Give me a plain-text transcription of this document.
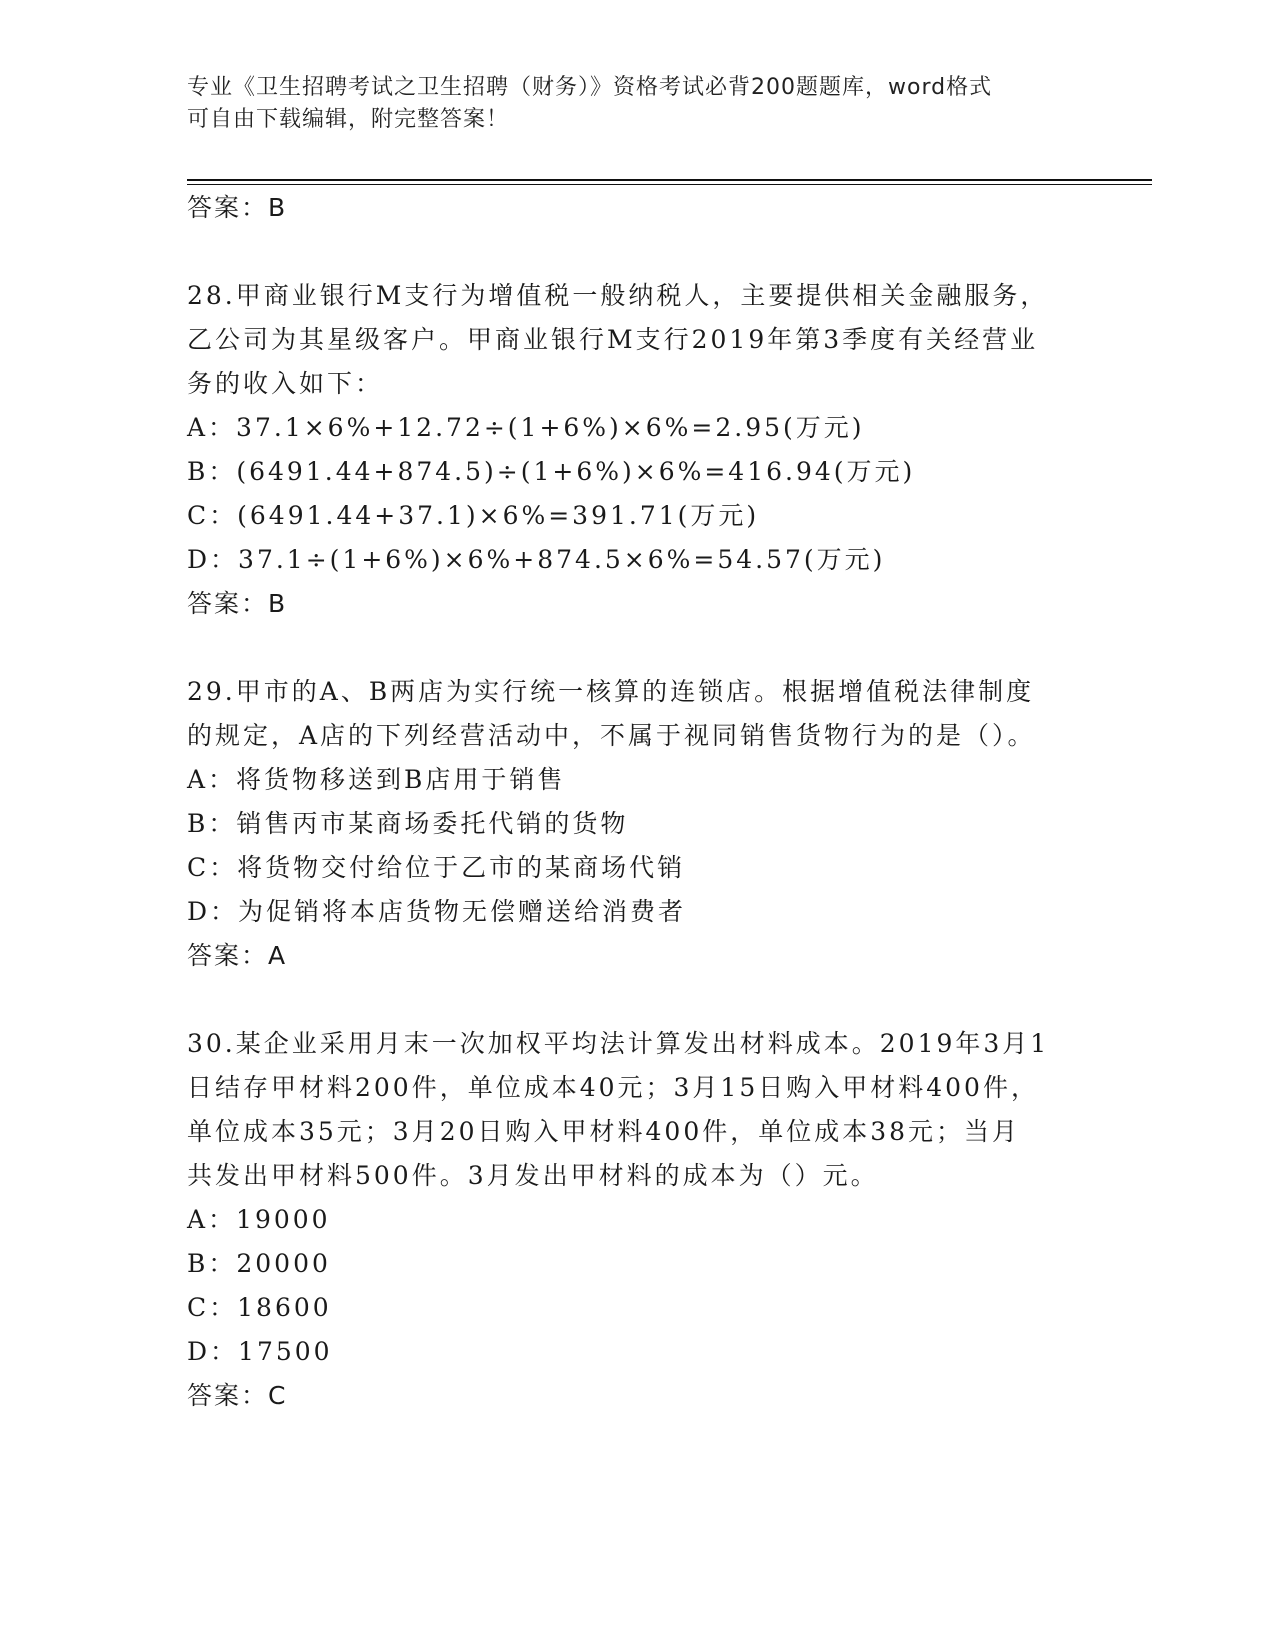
专业《卫生招聘考试之卫生招聘（财务）》资格考试必背200题题库，word格式
可自由下载编辑，附完整答案！
答案：B
28.甲商业银行M支行为增值税一般纳税人，主要提供相关金融服务，
乙公司为其星级客户。甲商业银行M支行2019年第3季度有关经营业
务的收入如下：
A：37.1×6%+12.72÷(1+6%)×6%=2.95(万元)
B：(6491.44+874.5)÷(1+6%)×6%=416.94(万元)
C：(6491.44+37.1)×6%=391.71(万元)
D：37.1÷(1+6%)×6%+874.5×6%=54.57(万元)
答案：B
29.甲市的A、B两店为实行统一核算的连锁店。根据增值税法律制度
的规定，A店的下列经营活动中，不属于视同销售货物行为的是（）。
A：将货物移送到B店用于销售
B：销售丙市某商场委托代销的货物
C：将货物交付给位于乙市的某商场代销
D：为促销将本店货物无偿赠送给消费者
答案：A
30.某企业采用月末一次加权平均法计算发出材料成本。2019年3月1
日结存甲材料200件，单位成本40元；3月15日购入甲材料400件，
单位成本35元；3月20日购入甲材料400件，单位成本38元；当月
共发出甲材料500件。3月发出甲材料的成本为（）元。
A：19000
B：20000
C：18600
D：17500
答案：C
